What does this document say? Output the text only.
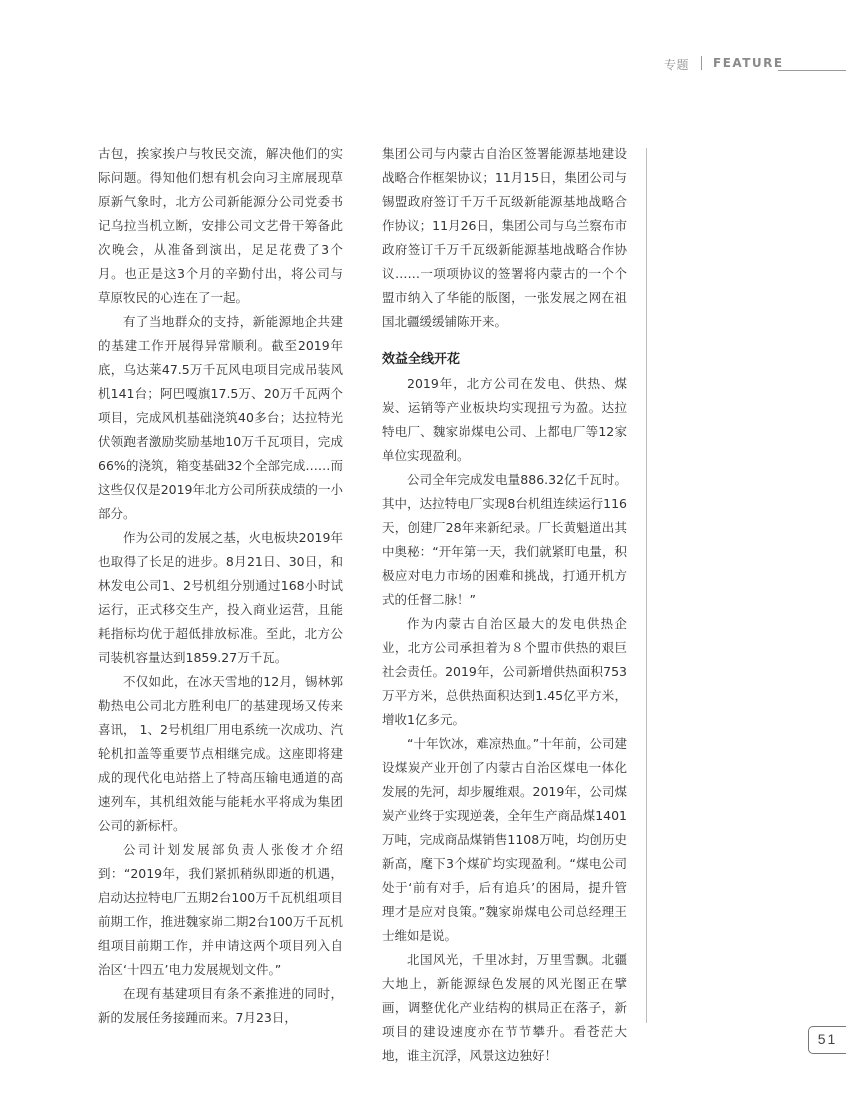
专题 FEATURE

古包，挨家挨户与牧民交流，解决他们的实际问题。得知他们想有机会向习主席展现草原新气象时，北方公司新能源分公司党委书记乌拉当机立断，安排公司文艺骨干筹备此次晚会，从准备到演出，足足花费了3个月。也正是这3个月的辛勤付出，将公司与草原牧民的心连在了一起。

有了当地群众的支持，新能源地企共建的基建工作开展得异常顺利。截至2019年底，乌达莱47.5万千瓦风电项目完成吊装风机141台；阿巴嘎旗17.5万、20万千瓦两个项目，完成风机基础浇筑40多台；达拉特光伏领跑者激励奖励基地10万千瓦项目，完成66%的浇筑，箱变基础32个全部完成……而这些仅仅是2019年北方公司所获成绩的一小部分。

作为公司的发展之基，火电板块2019年也取得了长足的进步。8月21日、30日，和林发电公司1、2号机组分别通过168小时试运行，正式移交生产，投入商业运营，且能耗指标均优于超低排放标准。至此，北方公司装机容量达到1859.27万千瓦。

不仅如此，在冰天雪地的12月，锡林郭勒热电公司北方胜利电厂的基建现场又传来喜讯， 1、2号机组厂用电系统一次成功、汽轮机扣盖等重要节点相继完成。这座即将建成的现代化电站搭上了特高压输电通道的高速列车，其机组效能与能耗水平将成为集团公司的新标杆。

公司计划发展部负责人张俊才介绍到：“2019年，我们紧抓稍纵即逝的机遇，启动达拉特电厂五期2台100万千瓦机组项目前期工作，推进魏家峁二期2台100万千瓦机组项目前期工作，并申请这两个项目列入自治区‘十四五’电力发展规划文件。”

在现有基建项目有条不紊推进的同时，新的发展任务接踵而来。7月23日，

集团公司与内蒙古自治区签署能源基地建设战略合作框架协议；11月15日，集团公司与锡盟政府签订千万千瓦级新能源基地战略合作协议；11月26日，集团公司与乌兰察布市政府签订千万千瓦级新能源基地战略合作协议……一项项协议的签署将内蒙古的一个个盟市纳入了华能的版图，一张发展之网在祖国北疆缓缓铺陈开来。

效益全线开花

2019年，北方公司在发电、供热、煤炭、运销等产业板块均实现扭亏为盈。达拉特电厂、魏家峁煤电公司、上都电厂等12家单位实现盈利。

公司全年完成发电量886.32亿千瓦时。其中，达拉特电厂实现8台机组连续运行116天，创建厂28年来新纪录。厂长黄魁道出其中奥秘：“开年第一天，我们就紧盯电量，积极应对电力市场的困难和挑战，打通开机方式的任督二脉！”

作为内蒙古自治区最大的发电供热企业，北方公司承担着为８个盟市供热的艰巨社会责任。2019年，公司新增供热面积753万平方米，总供热面积达到1.45亿平方米，增收1亿多元。

“十年饮冰，难凉热血。”十年前，公司建设煤炭产业开创了内蒙古自治区煤电一体化发展的先河，却步履维艰。2019年，公司煤炭产业终于实现逆袭，全年生产商品煤1401万吨，完成商品煤销售1108万吨，均创历史新高，麾下3个煤矿均实现盈利。“煤电公司处于‘前有对手，后有追兵’的困局，提升管理才是应对良策。”魏家峁煤电公司总经理王士维如是说。

北国风光，千里冰封，万里雪飘。北疆大地上，新能源绿色发展的风光图正在擘画，调整优化产业结构的棋局正在落子，新项目的建设速度亦在节节攀升。看苍茫大地，谁主沉浮，风景这边独好！

51
